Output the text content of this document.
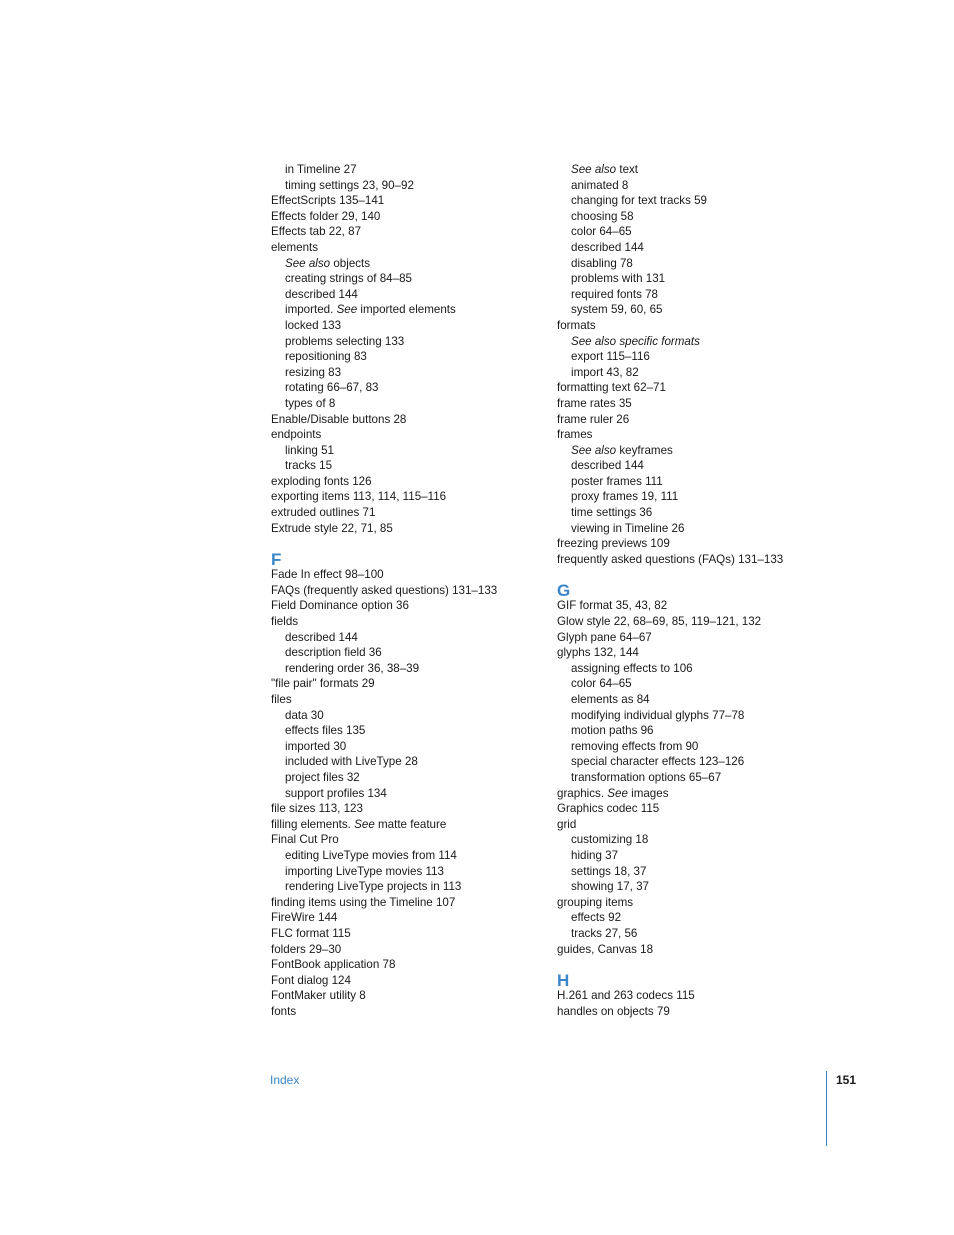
in Timeline 27
timing settings 23, 90–92
EffectScripts 135–141
Effects folder 29, 140
Effects tab 22, 87
elements
See also objects
creating strings of 84–85
described 144
imported. See imported elements
locked 133
problems selecting 133
repositioning 83
resizing 83
rotating 66–67, 83
types of 8
Enable/Disable buttons 28
endpoints
linking 51
tracks 15
exploding fonts 126
exporting items 113, 114, 115–116
extruded outlines 71
Extrude style 22, 71, 85
F
Fade In effect 98–100
FAQs (frequently asked questions) 131–133
Field Dominance option 36
fields
described 144
description field 36
rendering order 36, 38–39
"file pair" formats 29
files
data 30
effects files 135
imported 30
included with LiveType 28
project files 32
support profiles 134
file sizes 113, 123
filling elements. See matte feature
Final Cut Pro
editing LiveType movies from 114
importing LiveType movies 113
rendering LiveType projects in 113
finding items using the Timeline 107
FireWire 144
FLC format 115
folders 29–30
FontBook application 78
Font dialog 124
FontMaker utility 8
fonts
See also text
animated 8
changing for text tracks 59
choosing 58
color 64–65
described 144
disabling 78
problems with 131
required fonts 78
system 59, 60, 65
formats
See also specific formats
export 115–116
import 43, 82
formatting text 62–71
frame rates 35
frame ruler 26
frames
See also keyframes
described 144
poster frames 111
proxy frames 19, 111
time settings 36
viewing in Timeline 26
freezing previews 109
frequently asked questions (FAQs) 131–133
G
GIF format 35, 43, 82
Glow style 22, 68–69, 85, 119–121, 132
Glyph pane 64–67
glyphs 132, 144
assigning effects to 106
color 64–65
elements as 84
modifying individual glyphs 77–78
motion paths 96
removing effects from 90
special character effects 123–126
transformation options 65–67
graphics. See images
Graphics codec 115
grid
customizing 18
hiding 37
settings 18, 37
showing 17, 37
grouping items
effects 92
tracks 27, 56
guides, Canvas 18
H
H.261 and 263 codecs 115
handles on objects 79
Index	151
